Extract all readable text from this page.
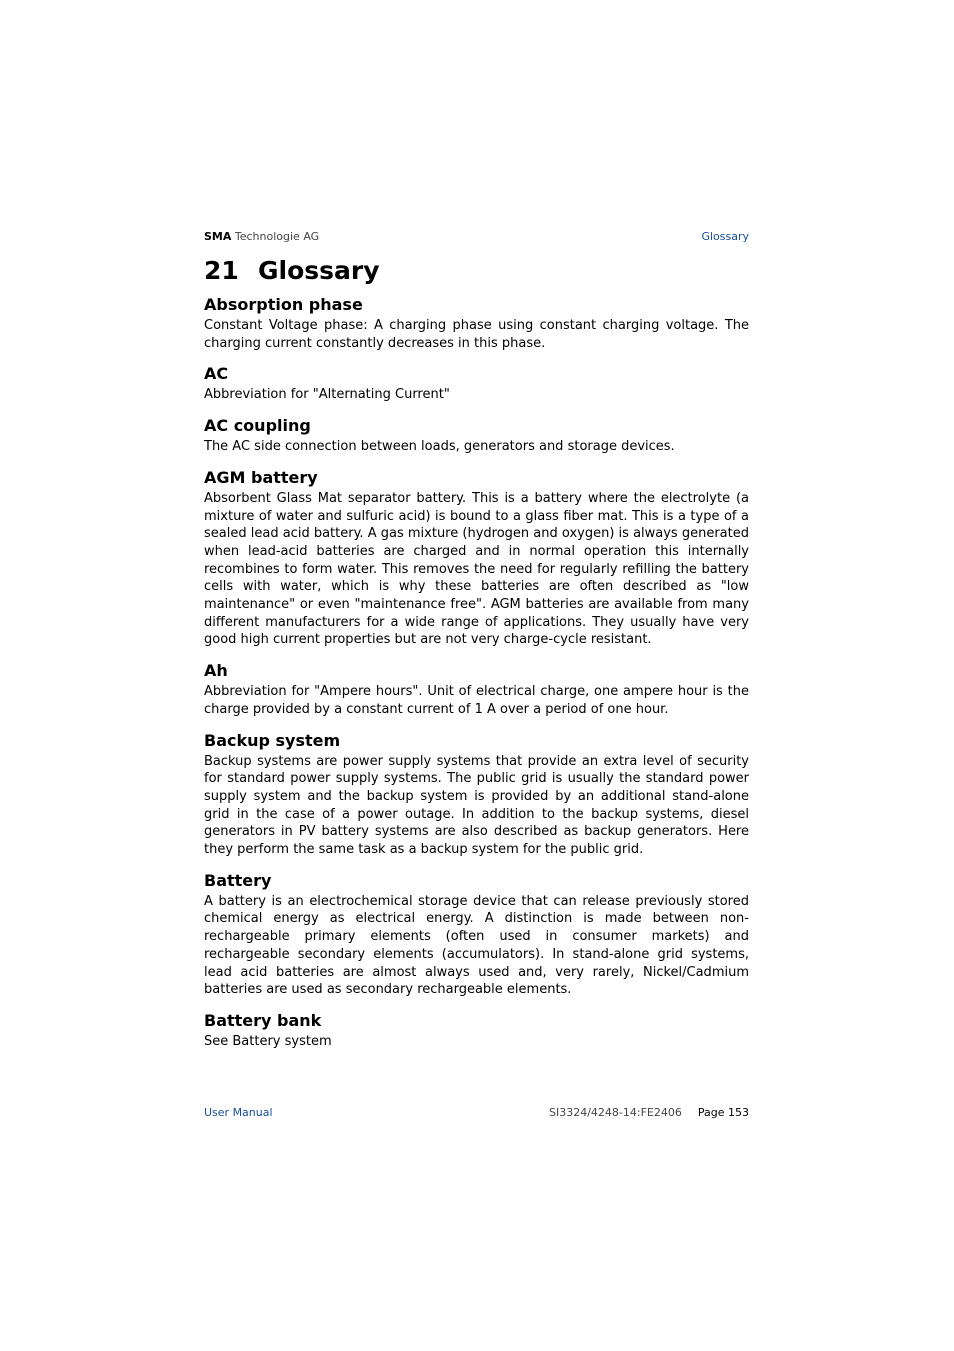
SMA Technologie AG	Glossary
21 Glossary
Absorption phase

Constant Voltage phase: A charging phase using constant charging voltage. The charging current constantly decreases in this phase.

AC

Abbreviation for "Alternating Current"

AC coupling

The AC side connection between loads, generators and storage devices.

AGM battery

Absorbent Glass Mat separator battery. This is a battery where the electrolyte (a mixture of water and sulfuric acid) is bound to a glass fiber mat. This is a type of a sealed lead acid battery. A gas mixture (hydrogen and oxygen) is always generated when lead-acid batteries are charged and in normal operation this internally recombines to form water. This removes the need for regularly refilling the battery cells with water, which is why these batteries are often described as "low maintenance" or even "maintenance free". AGM batteries are available from many different manufacturers for a wide range of applications. They usually have very good high current properties but are not very charge-cycle resistant.

Ah

Abbreviation for "Ampere hours". Unit of electrical charge, one ampere hour is the charge provided by a constant current of 1 A over a period of one hour.

Backup system

Backup systems are power supply systems that provide an extra level of security for standard power supply systems. The public grid is usually the standard power supply system and the backup system is provided by an additional stand-alone grid in the case of a power outage. In addition to the backup systems, diesel generators in PV battery systems are also described as backup generators. Here they perform the same task as a backup system for the public grid.

Battery

A battery is an electrochemical storage device that can release previously stored chemical energy as electrical energy. A distinction is made between non-rechargeable primary elements (often used in consumer markets) and rechargeable secondary elements (accumulators). In stand-alone grid systems, lead acid batteries are almost always used and, very rarely, Nickel/Cadmium batteries are used as secondary rechargeable elements.

Battery bank

See Battery system

User Manual	SI3324/4248-14:FE2406 Page 153
